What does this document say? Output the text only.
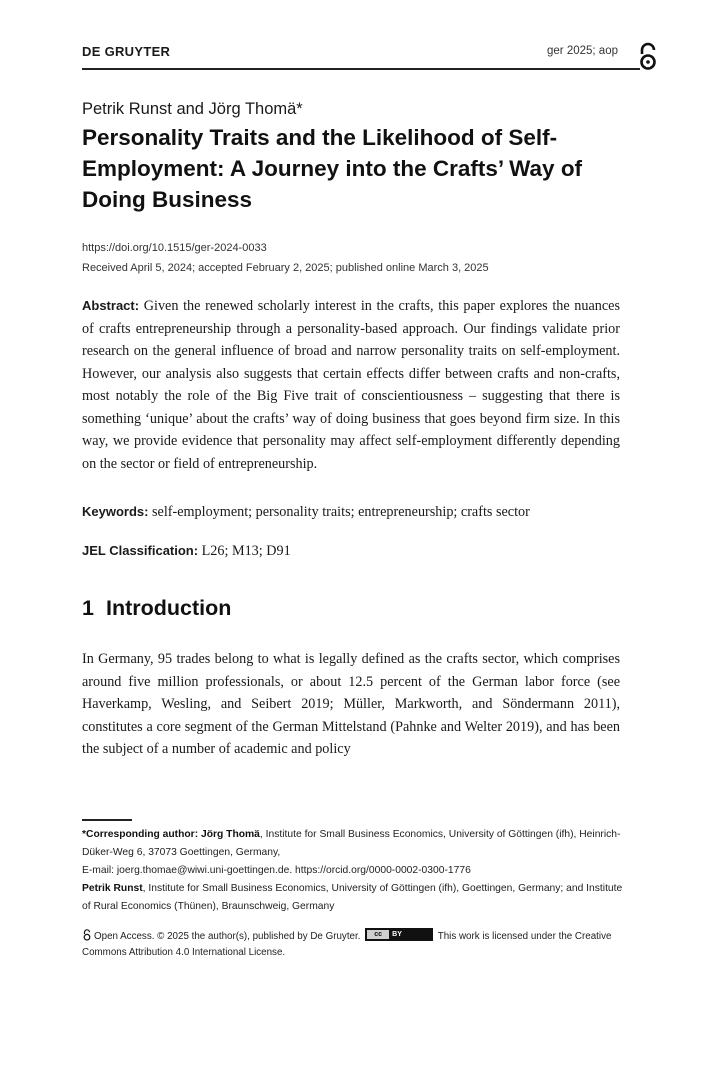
DE GRUYTER	ger 2025; aop
Petrik Runst and Jörg Thomä*
Personality Traits and the Likelihood of Self-Employment: A Journey into the Crafts’ Way of Doing Business
https://doi.org/10.1515/ger-2024-0033
Received April 5, 2024; accepted February 2, 2025; published online March 3, 2025

Abstract: Given the renewed scholarly interest in the crafts, this paper explores the nuances of crafts entrepreneurship through a personality-based approach. Our findings validate prior research on the general influence of broad and narrow personality traits on self-employment. However, our analysis also suggests that certain effects differ between crafts and non-crafts, most notably the role of the Big Five trait of conscientiousness – suggesting that there is something ‘unique’ about the crafts’ way of doing business that goes beyond firm size. In this way, we provide evidence that personality may affect self-employment differently depending on the sector or field of entrepreneurship.

Keywords: self-employment; personality traits; entrepreneurship; crafts sector

JEL Classification: L26; M13; D91

1 Introduction

In Germany, 95 trades belong to what is legally defined as the crafts sector, which comprises around five million professionals, or about 12.5 percent of the German labor force (see Haverkamp, Wesling, and Seibert 2019; Müller, Markworth, and Söndermann 2011), constitutes a core segment of the German Mittelstand (Pahnke and Welter 2019), and has been the subject of a number of academic and policy

*Corresponding author: Jörg Thomä, Institute for Small Business Economics, University of Göttingen (ifh), Heinrich-Düker-Weg 6, 37073 Goettingen, Germany,

E-mail: joerg.thomae@wiwi.uni-goettingen.de. https://orcid.org/0000-0002-0300-1776

Petrik Runst, Institute for Small Business Economics, University of Göttingen (ifh), Goettingen, Germany; and Institute of Rural Economics (Thünen), Braunschweig, Germany

Open Access. © 2025 the author(s), published by De Gruyter.	cc	BY	This work is licensed under the Creative Commons Attribution 4.0 International License.
